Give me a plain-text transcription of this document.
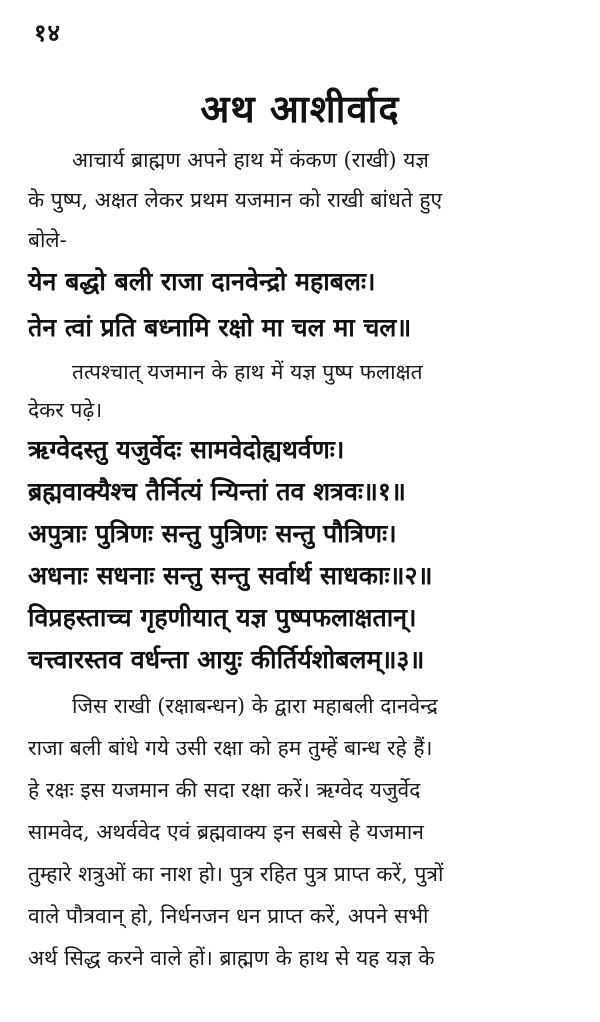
१४
अथ आशीर्वाद
आचार्य ब्राह्मण अपने हाथ में कंकण (राखी) यज्ञ
के पुष्प, अक्षत लेकर प्रथम यजमान को राखी बांधते हुए
बोले-
येन बद्धो बली राजा दानवेन्द्रो महाबलः।
तेन त्वां प्रति बध्नामि रक्षो मा चल मा चल॥
तत्पश्चात् यजमान के हाथ में यज्ञ पुष्प फलाक्षत
देकर पढ़े।
ऋग्वेदस्तु यजुर्वेदः सामवेदोह्यथर्वणः।
ब्रह्मवाक्यैश्च तैर्नित्यं न्यिन्तां तव शत्रवः॥१॥
अपुत्राः पुत्रिणः सन्तु पुत्रिणः सन्तु पौत्रिणः।
अधनाः सधनाः सन्तु सन्तु सर्वार्थ साधकाः॥२॥
विप्रहस्ताच्च गृहणीयात् यज्ञ पुष्पफलाक्षतान्।
चत्त्वारस्तव वर्धन्ता आयुः कीर्तिर्यशोबलम्॥३॥
जिस राखी (रक्षाबन्धन) के द्वारा महाबली दानवेन्द्र
राजा बली बांधे गये उसी रक्षा को हम तुम्हें बान्ध रहे हैं।
हे रक्षः इस यजमान की सदा रक्षा करें। ऋग्वेद यजुर्वेद
सामवेद, अथर्ववेद एवं ब्रह्मवाक्य इन सबसे हे यजमान
तुम्हारे शत्रुओं का नाश हो। पुत्र रहित पुत्र प्राप्त करें, पुत्रों
वाले पौत्रवान् हो, निर्धनजन धन प्राप्त करें, अपने सभी
अर्थ सिद्ध करने वाले हों। ब्राह्मण के हाथ से यह यज्ञ के
